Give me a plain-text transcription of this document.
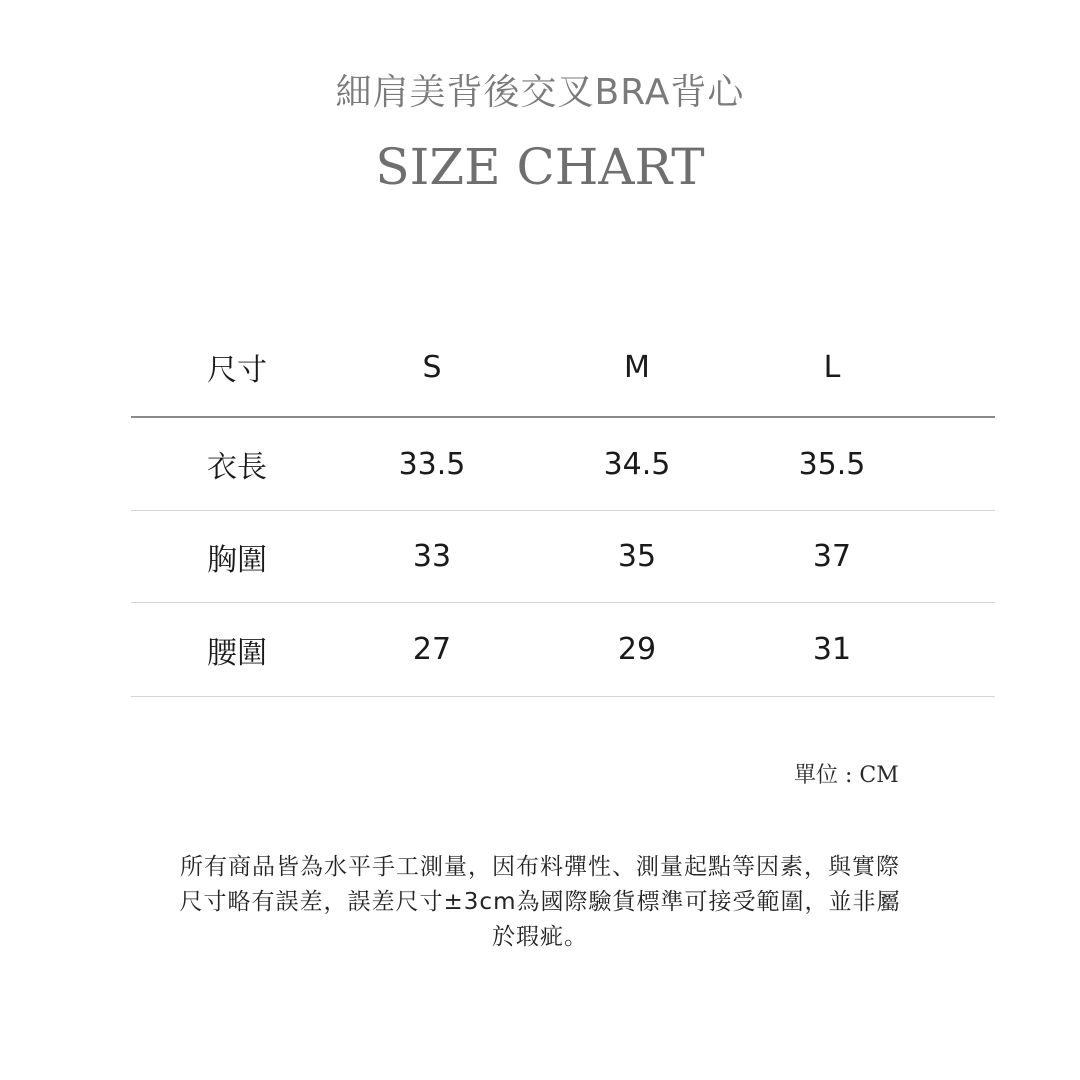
細肩美背後交叉BRA背心
SIZE CHART
尺寸	S	M	L
衣長	33.5	34.5	35.5
胸圍	33	35	37
腰圍	27	29	31
單位 : CM
所有商品皆為水平手工測量，因布料彈性、測量起點等因素，與實際
尺寸略有誤差，誤差尺寸±3cm為國際驗貨標準可接受範圍，並非屬
於瑕疵。
